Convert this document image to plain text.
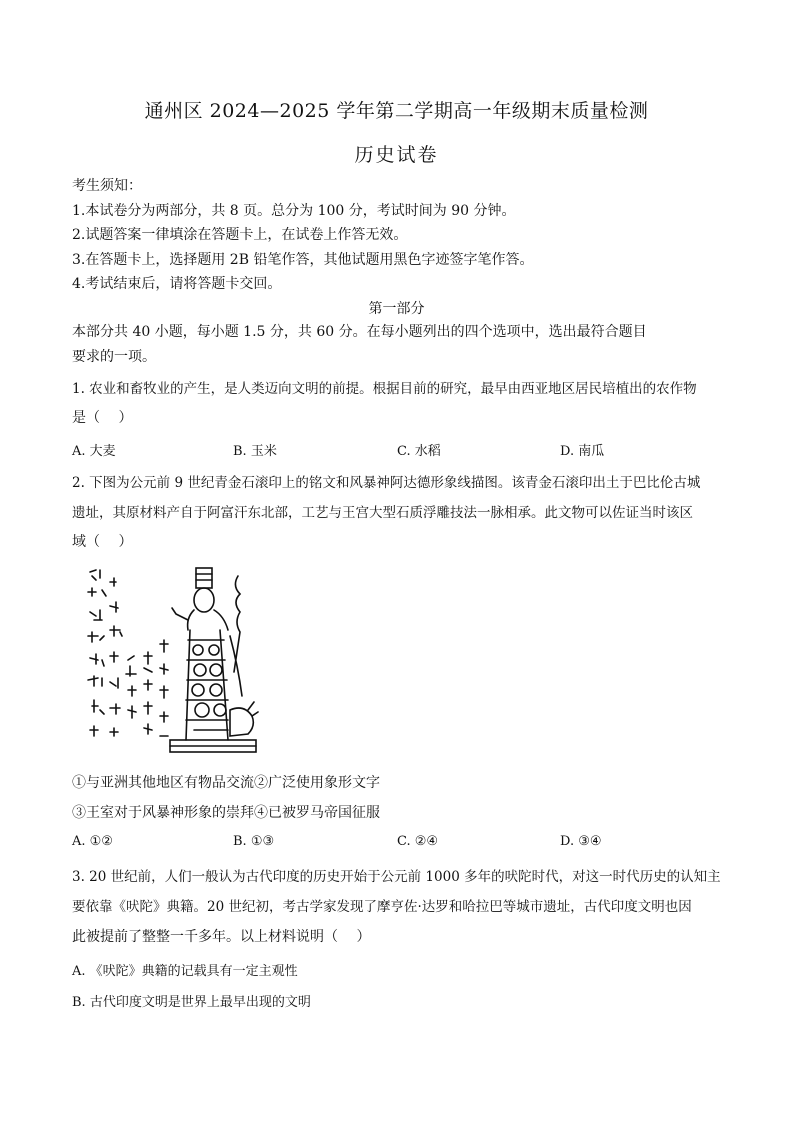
通州区 2024—2025 学年第二学期高一年级期末质量检测
历史试卷
考生须知：
1.本试卷分为两部分，共 8 页。总分为 100 分，考试时间为 90 分钟。
2.试题答案一律填涂在答题卡上，在试卷上作答无效。
3.在答题卡上，选择题用 2B 铅笔作答，其他试题用黑色字迹签字笔作答。
4.考试结束后，请将答题卡交回。
第一部分
本部分共 40 小题，每小题 1.5 分，共 60 分。在每小题列出的四个选项中，选出最符合题目
要求的一项。
1. 农业和畜牧业的产生，是人类迈向文明的前提。根据目前的研究，最早由西亚地区居民培植出的农作物
是（　 ）
A. 大麦	B. 玉米	C. 水稻	D. 南瓜
2. 下图为公元前 9 世纪青金石滚印上的铭文和风暴神阿达德形象线描图。该青金石滚印出土于巴比伦古城
遗址，其原材料产自于阿富汗东北部，工艺与王宫大型石质浮雕技法一脉相承。此文物可以佐证当时该区
域（　 ）
①与亚洲其他地区有物品交流②广泛使用象形文字
③王室对于风暴神形象的崇拜④已被罗马帝国征服
A. ①②	B. ①③	C. ②④	D. ③④
3. 20 世纪前，人们一般认为古代印度的历史开始于公元前 1000 多年的吠陀时代，对这一时代历史的认知主
要依靠《吠陀》典籍。20 世纪初，考古学家发现了摩亨佐·达罗和哈拉巴等城市遗址，古代印度文明也因
此被提前了整整一千多年。以上材料说明（　 ）
A. 《吠陀》典籍的记载具有一定主观性
B. 古代印度文明是世界上最早出现的文明
